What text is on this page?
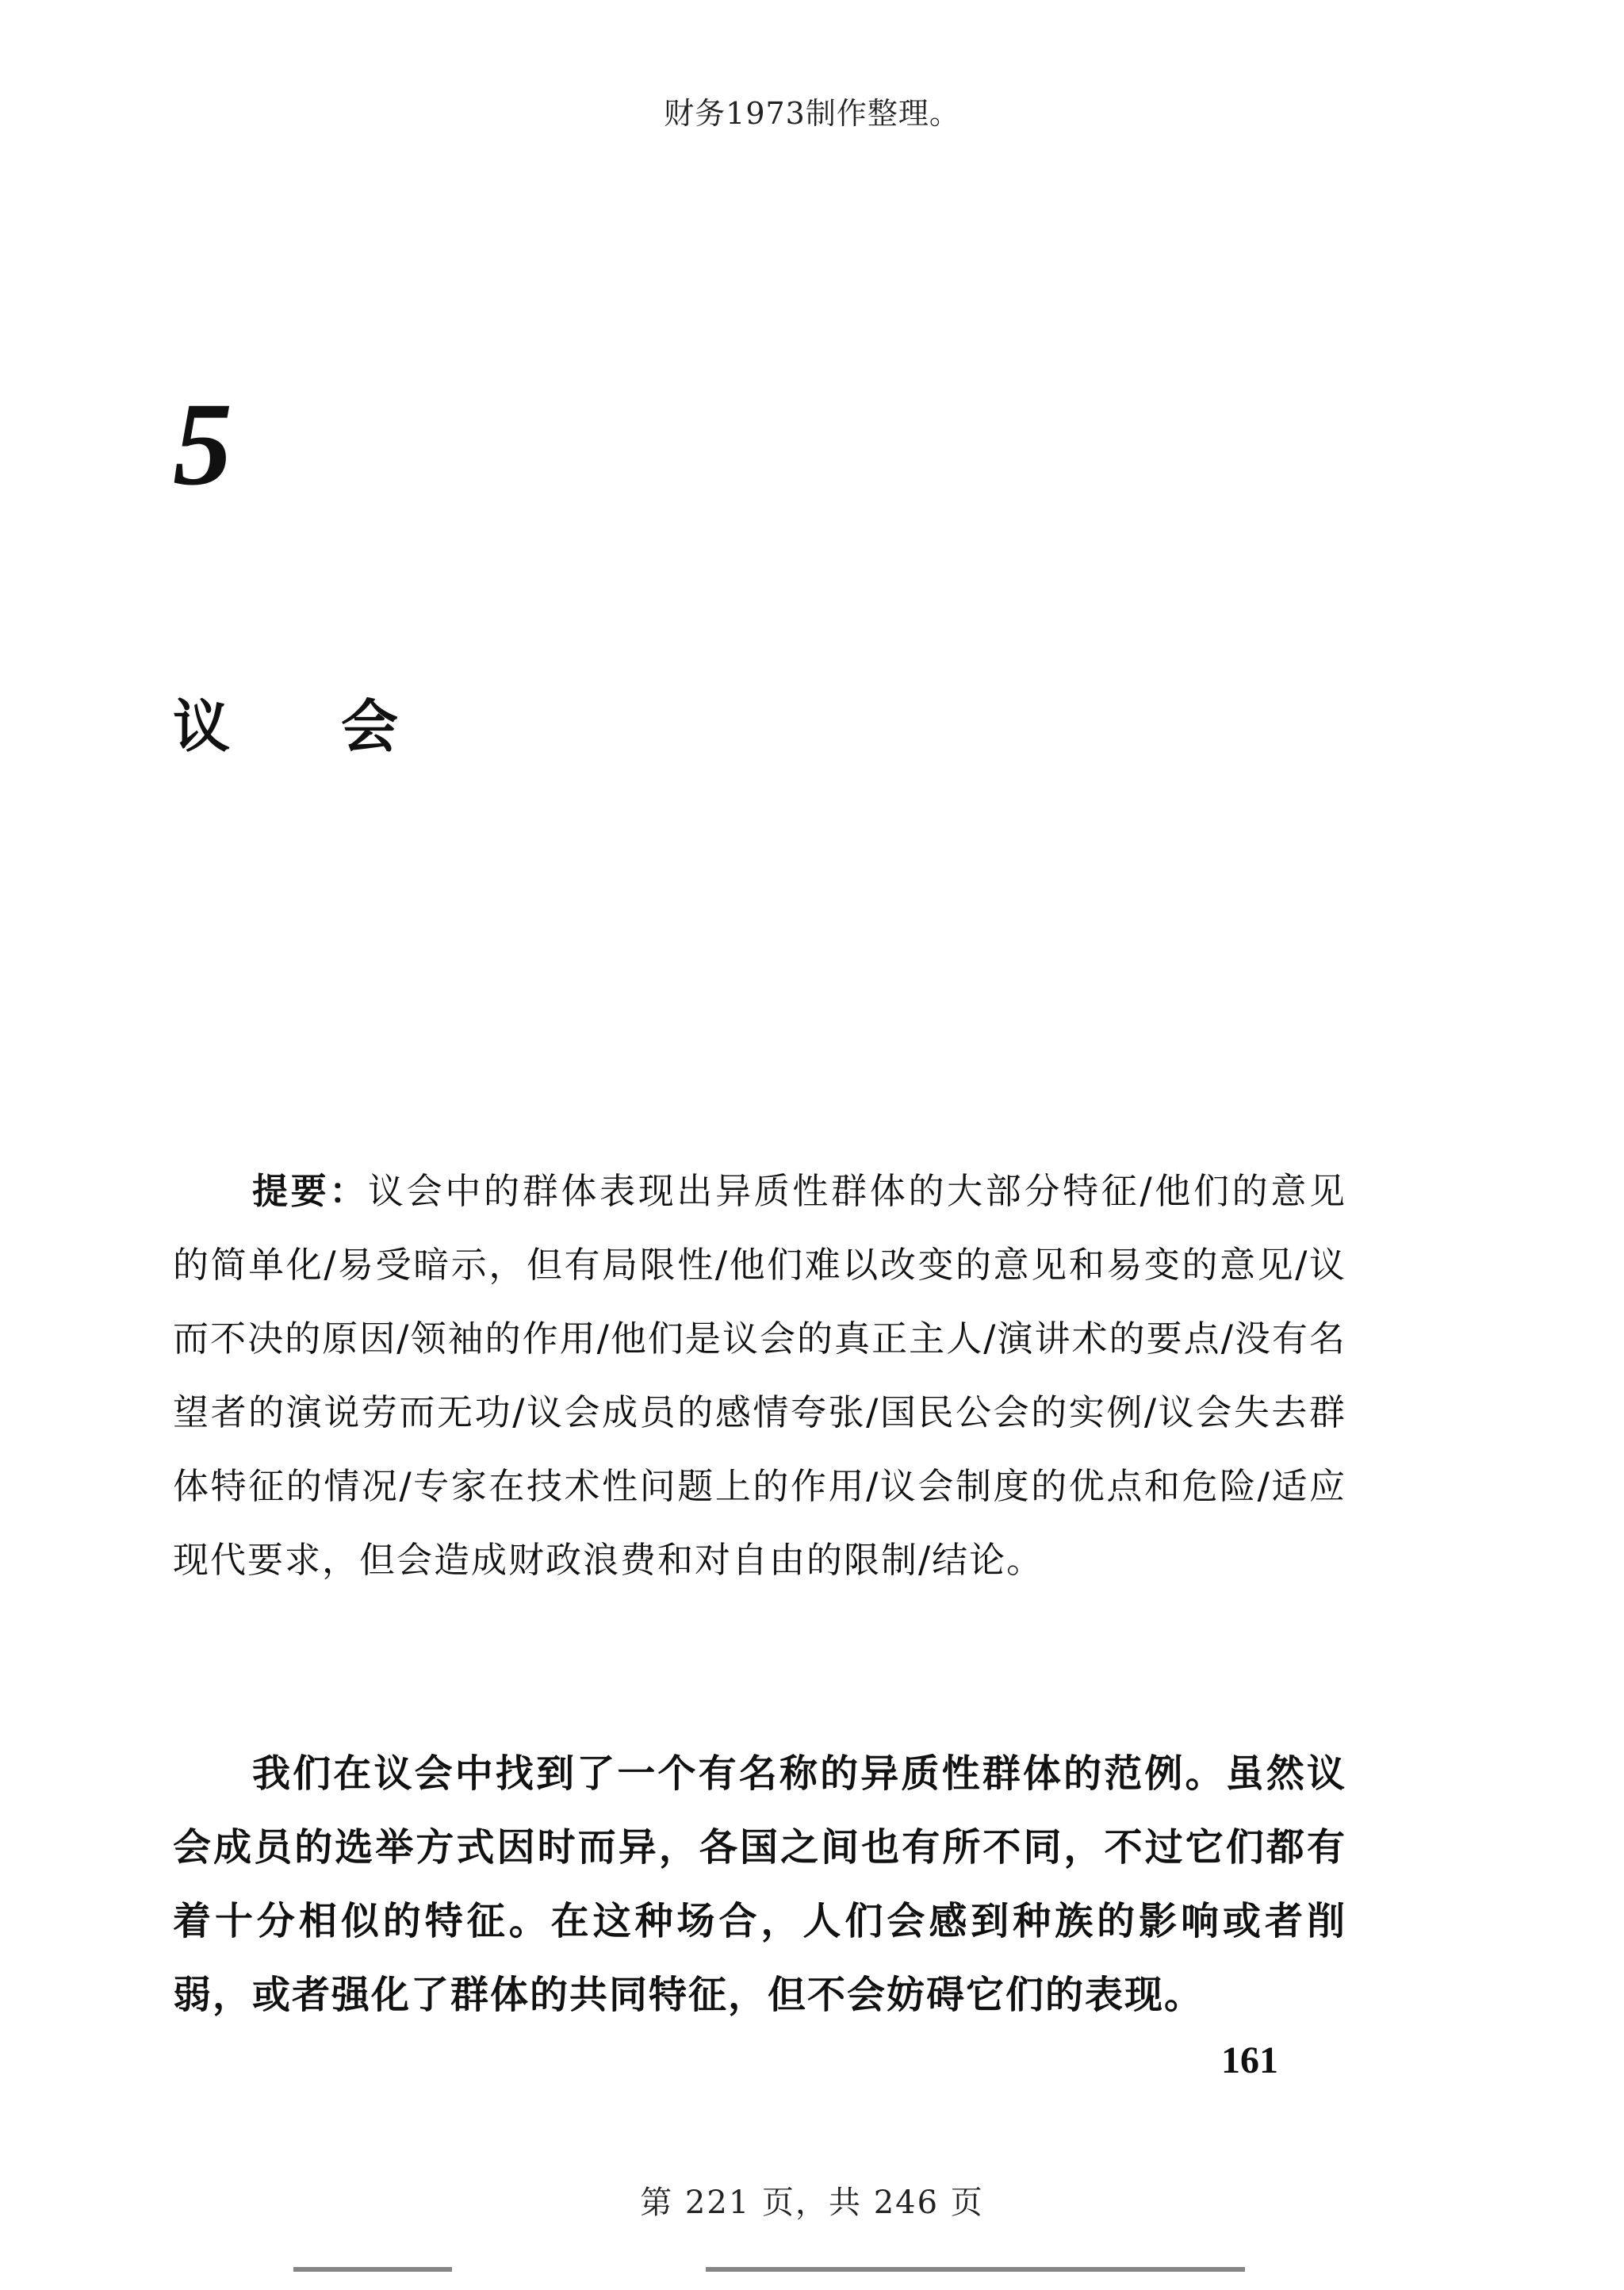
财务1973制作整理。
5
议会

提要：议会中的群体表现出异质性群体的大部分特征/他们的意见的简单化/易受暗示，但有局限性/他们难以改变的意见和易变的意见/议而不决的原因/领袖的作用/他们是议会的真正主人/演讲术的要点/没有名望者的演说劳而无功/议会成员的感情夸张/国民公会的实例/议会失去群体特征的情况/专家在技术性问题上的作用/议会制度的优点和危险/适应现代要求，但会造成财政浪费和对自由的限制/结论。

我们在议会中找到了一个有名称的异质性群体的范例。虽然议会成员的选举方式因时而异，各国之间也有所不同，不过它们都有着十分相似的特征。在这种场合，人们会感到种族的影响或者削弱，或者强化了群体的共同特征，但不会妨碍它们的表现。

161
第 221 页，共 246 页
